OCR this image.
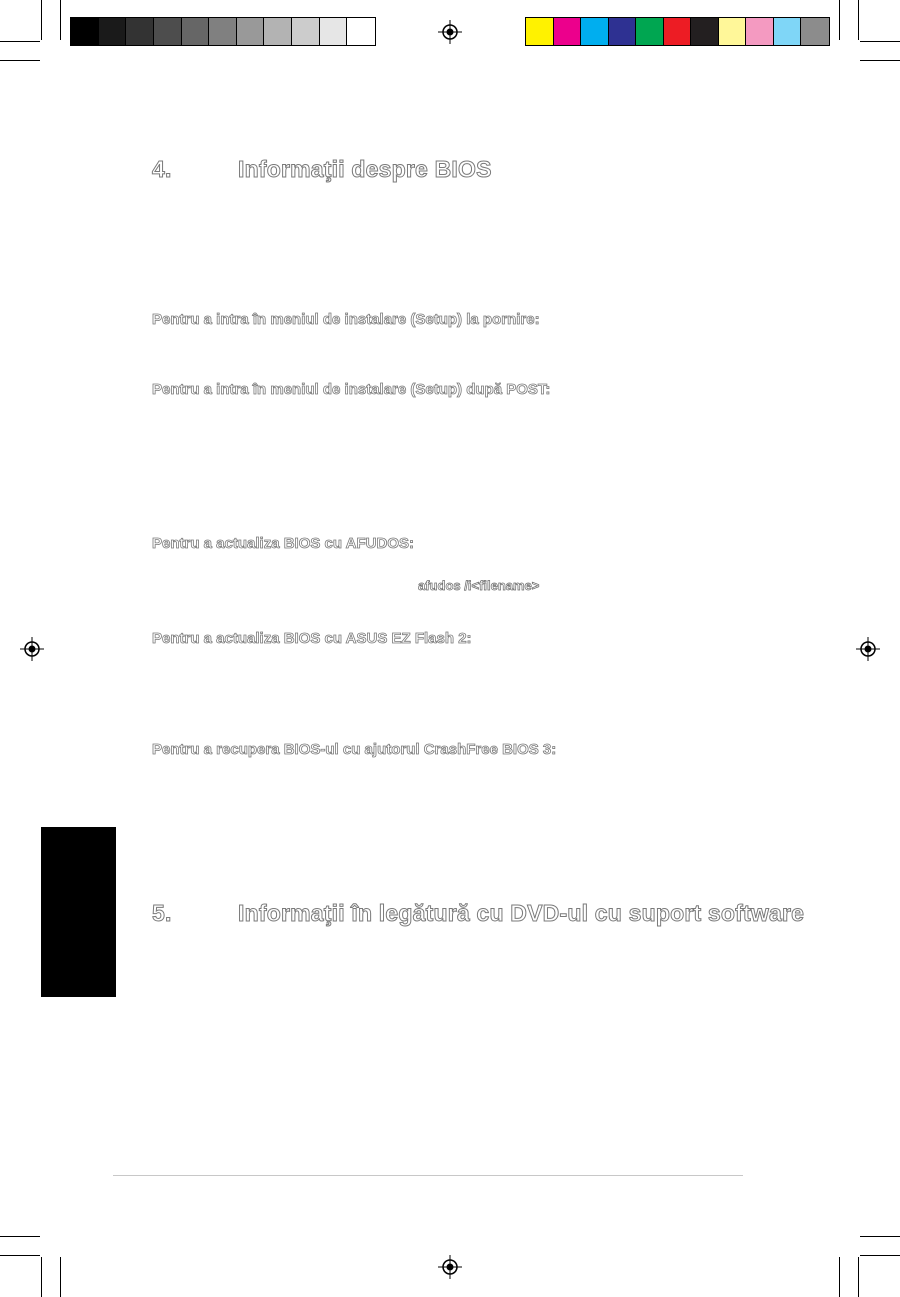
4.	Informaţii despre BIOS
Pentru a intra în meniul de instalare (Setup) la pornire:
Pentru a intra în meniul de instalare (Setup) după POST:
Pentru a actualiza BIOS cu AFUDOS:
afudos /i<filename>
Pentru a actualiza BIOS cu ASUS EZ Flash 2:
Pentru a recupera BIOS-ul cu ajutorul CrashFree BIOS 3:
5.	Informaţii în legătură cu DVD-ul cu suport software
